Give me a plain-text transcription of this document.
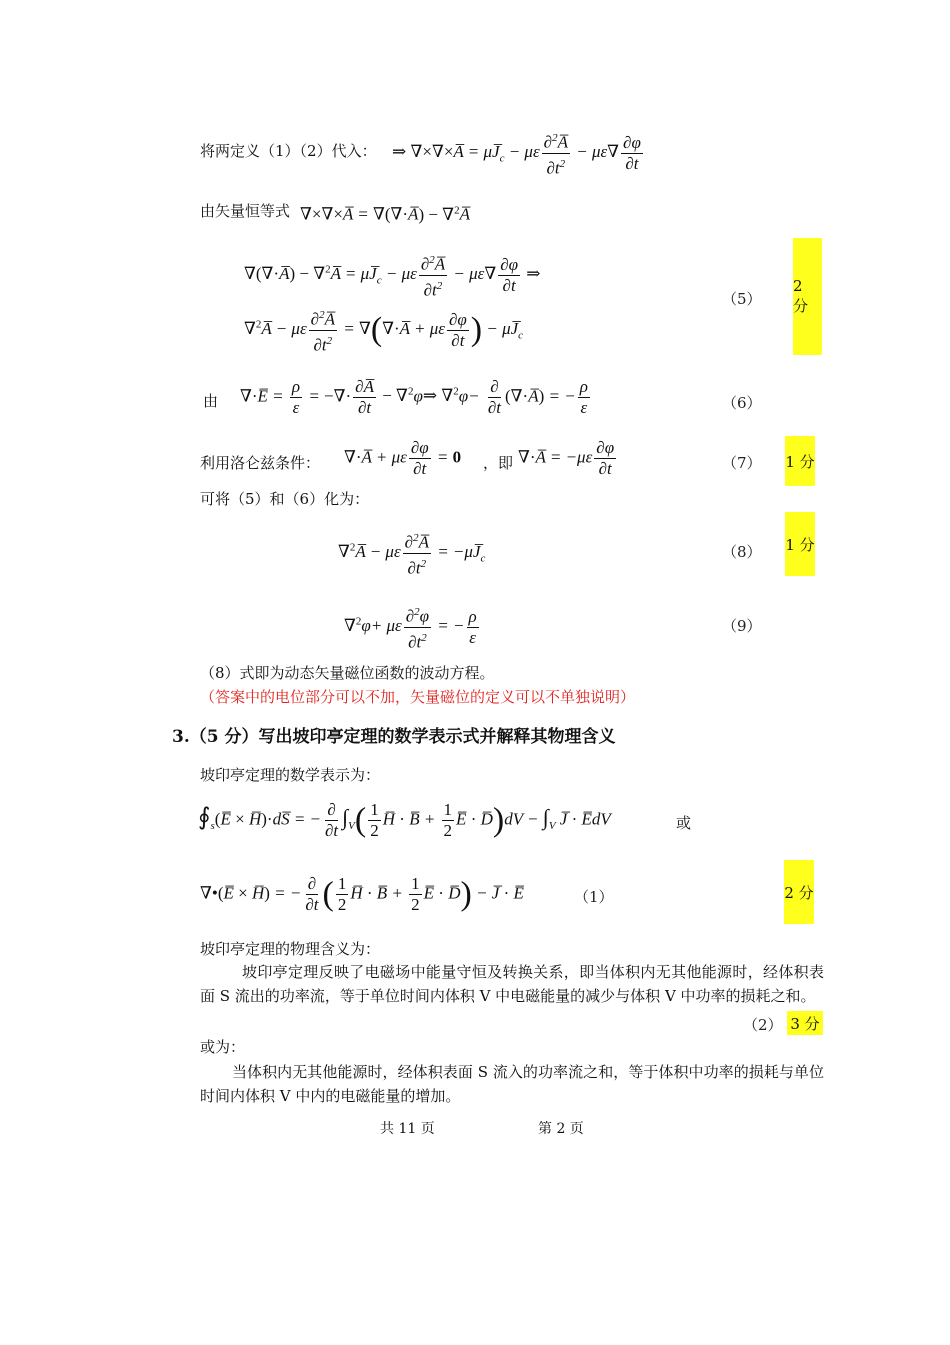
将两定义（1）（2）代入： ⇒ ∇×∇×A̅ = $\mu J̅_c - \mu\varepsilon \frac{\partial^2A̅}{\partial t^2} - \mu\varepsilon\nabla \frac{\partial\varphi}{\partial t}$
由矢量恒等式 ∇×∇×A̅ = ∇(∇·A̅) − ∇$^2$A̅
∇(∇·A̅) − ∇$^2$A̅ = $\mu J̅_c - \mu\varepsilon \frac{\partial^2A̅}{\partial t^2} - \mu\varepsilon\nabla \frac{\partial\varphi}{\partial t}$ ⇒
∇$^2$A̅ − με $\frac{\partial^2A̅}{\partial t^2}$ = ∇(∇·A̅ + με $\frac{\partial\varphi}{\partial t}$ ) − $\mu J̅_c$
（5）
2 分
由 ∇·E̅ = $\frac{\rho}{\varepsilon}$ = −∇· $\frac{\partial A̅}{\partial t}$ − ∇$^2$φ⇒ $\nabla^2\varphi- \frac{\partial}{\partial t}$ (∇·A̅) = − $\frac{\rho}{\varepsilon}$	（6）
利用洛仑兹条件： ∇·A̅ + με $\frac{\partial\varphi}{\partial t} = 0$ ，即 ∇·A̅ = $-\mu\varepsilon \frac{\partial\varphi}{\partial t}$	（7） 1 分
可将（5）和（6）化为：
∇$^2$A̅ − με $\frac{\partial^2A̅}{\partial t^2}$ = $-\mu J̅_c$	（8） 1 分
∇$^2$φ+ με $\frac{\partial^2\varphi}{\partial t^2}$ = − $\frac{\rho}{\varepsilon}$	（9）
（8）式即为动态矢量磁位函数的波动方程。
（答案中的电位部分可以不加，矢量磁位的定义可以不单独说明）
3.（5 分）写出坡印亭定理的数学表示式并解释其物理含义
坡印亭定理的数学表示为：
$∮_s(E̅$ × H̅)·dS̅ = − $\frac{\partial}{\partial t} \int_V( \frac{1}{2}$ H̅ · B̅ + $\frac{1}{2}$ E̅ · D̅)dV − $\int_V$ J̅ · E̅dV	或
∇•(E̅ × H̅) = − $\frac{\partial}{\partial t}$ ( $\frac{1}{2}$ H̅ · B̅ + $\frac{1}{2}$ E̅ · D̅) − J̅ · E̅	（1）	2 分
坡印亭定理的物理含义为：
坡印亭定理反映了电磁场中能量守恒及转换关系，即当体积内无其他能源时，经体积表面 S 流出的功率流，等于单位时间内体积 V 中电磁能量的减少与体积 V 中功率的损耗之和。
（2） 3 分
或为：
当体积内无其他能源时，经体积表面 S 流入的功率流之和，等于体积中功率的损耗与单位时间内体积 V 中内的电磁能量的增加。
共 11 页	第 2 页
